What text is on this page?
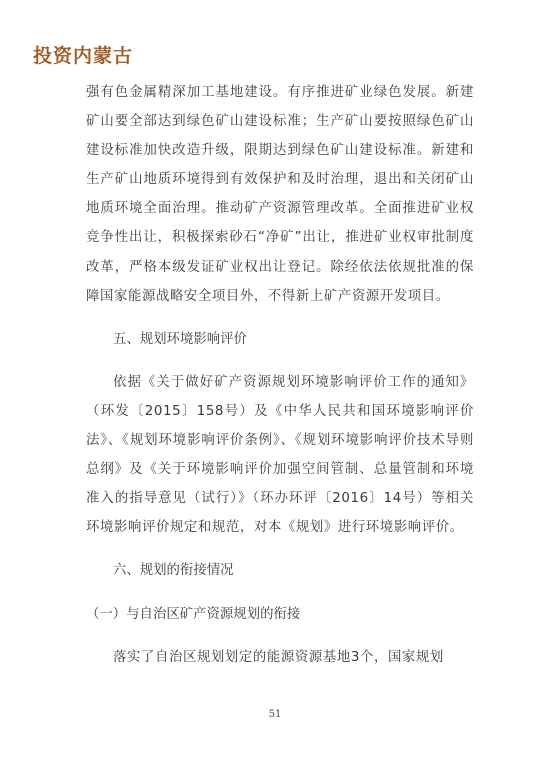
投资内蒙古

强有色金属精深加工基地建设。有序推进矿业绿色发展。新建矿山要全部达到绿色矿山建设标准；生产矿山要按照绿色矿山建设标准加快改造升级，限期达到绿色矿山建设标准。新建和生产矿山地质环境得到有效保护和及时治理，退出和关闭矿山地质环境全面治理。推动矿产资源管理改革。全面推进矿业权竞争性出让，积极探索砂石“净矿”出让，推进矿业权审批制度改革，严格本级发证矿业权出让登记。除经依法依规批准的保障国家能源战略安全项目外，不得新上矿产资源开发项目。

五、规划环境影响评价

依据《关于做好矿产资源规划环境影响评价工作的通知》（环发〔2015〕158号）及《中华人民共和国环境影响评价法》、《规划环境影响评价条例》、《规划环境影响评价技术导则总纲》及《关于环境影响评价加强空间管制、总量管制和环境准入的指导意见（试行）》（环办环评〔2016〕14号）等相关环境影响评价规定和规范，对本《规划》进行环境影响评价。

六、规划的衔接情况

（一）与自治区矿产资源规划的衔接

落实了自治区规划划定的能源资源基地3个，国家规划

51
